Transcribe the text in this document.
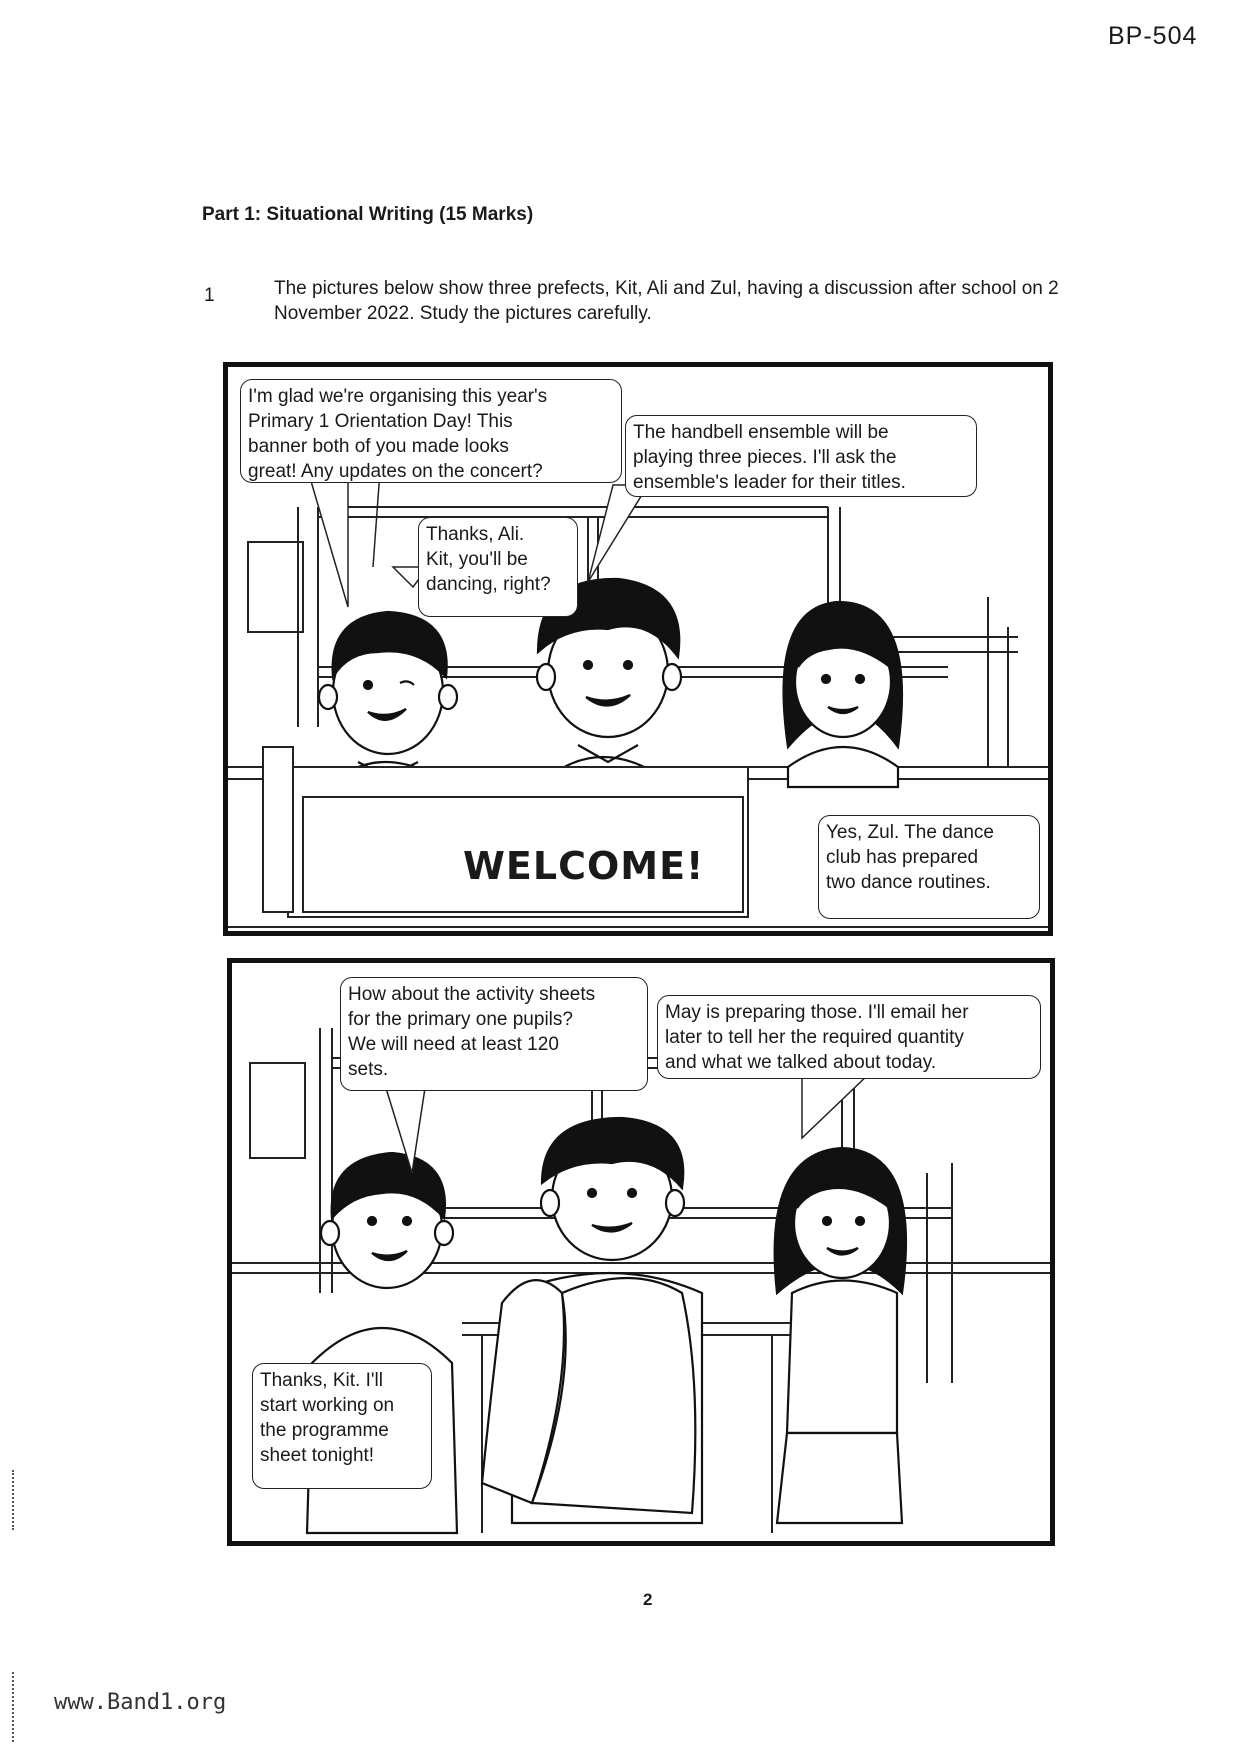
BP-504
Part 1: Situational Writing (15 Marks)
1	The pictures below show three prefects, Kit, Ali and Zul, having a discussion after school on 2 November 2022. Study the pictures carefully.
I'm glad we're organising this year's
Primary 1 Orientation Day! This
banner both of you made looks
great! Any updates on the concert?
Thanks, Ali.
Kit, you'll be
dancing, right?
The handbell ensemble will be
playing three pieces. I'll ask the
ensemble's leader for their titles.
Yes, Zul. The dance
club has prepared
two dance routines.
WELCOME!
How about the activity sheets
for the primary one pupils?
We will need at least 120
sets.
May is preparing those. I'll email her
later to tell her the required quantity
and what we talked about today.
Thanks, Kit. I'll
start working on
the programme
sheet tonight!
2
www.Band1.org
